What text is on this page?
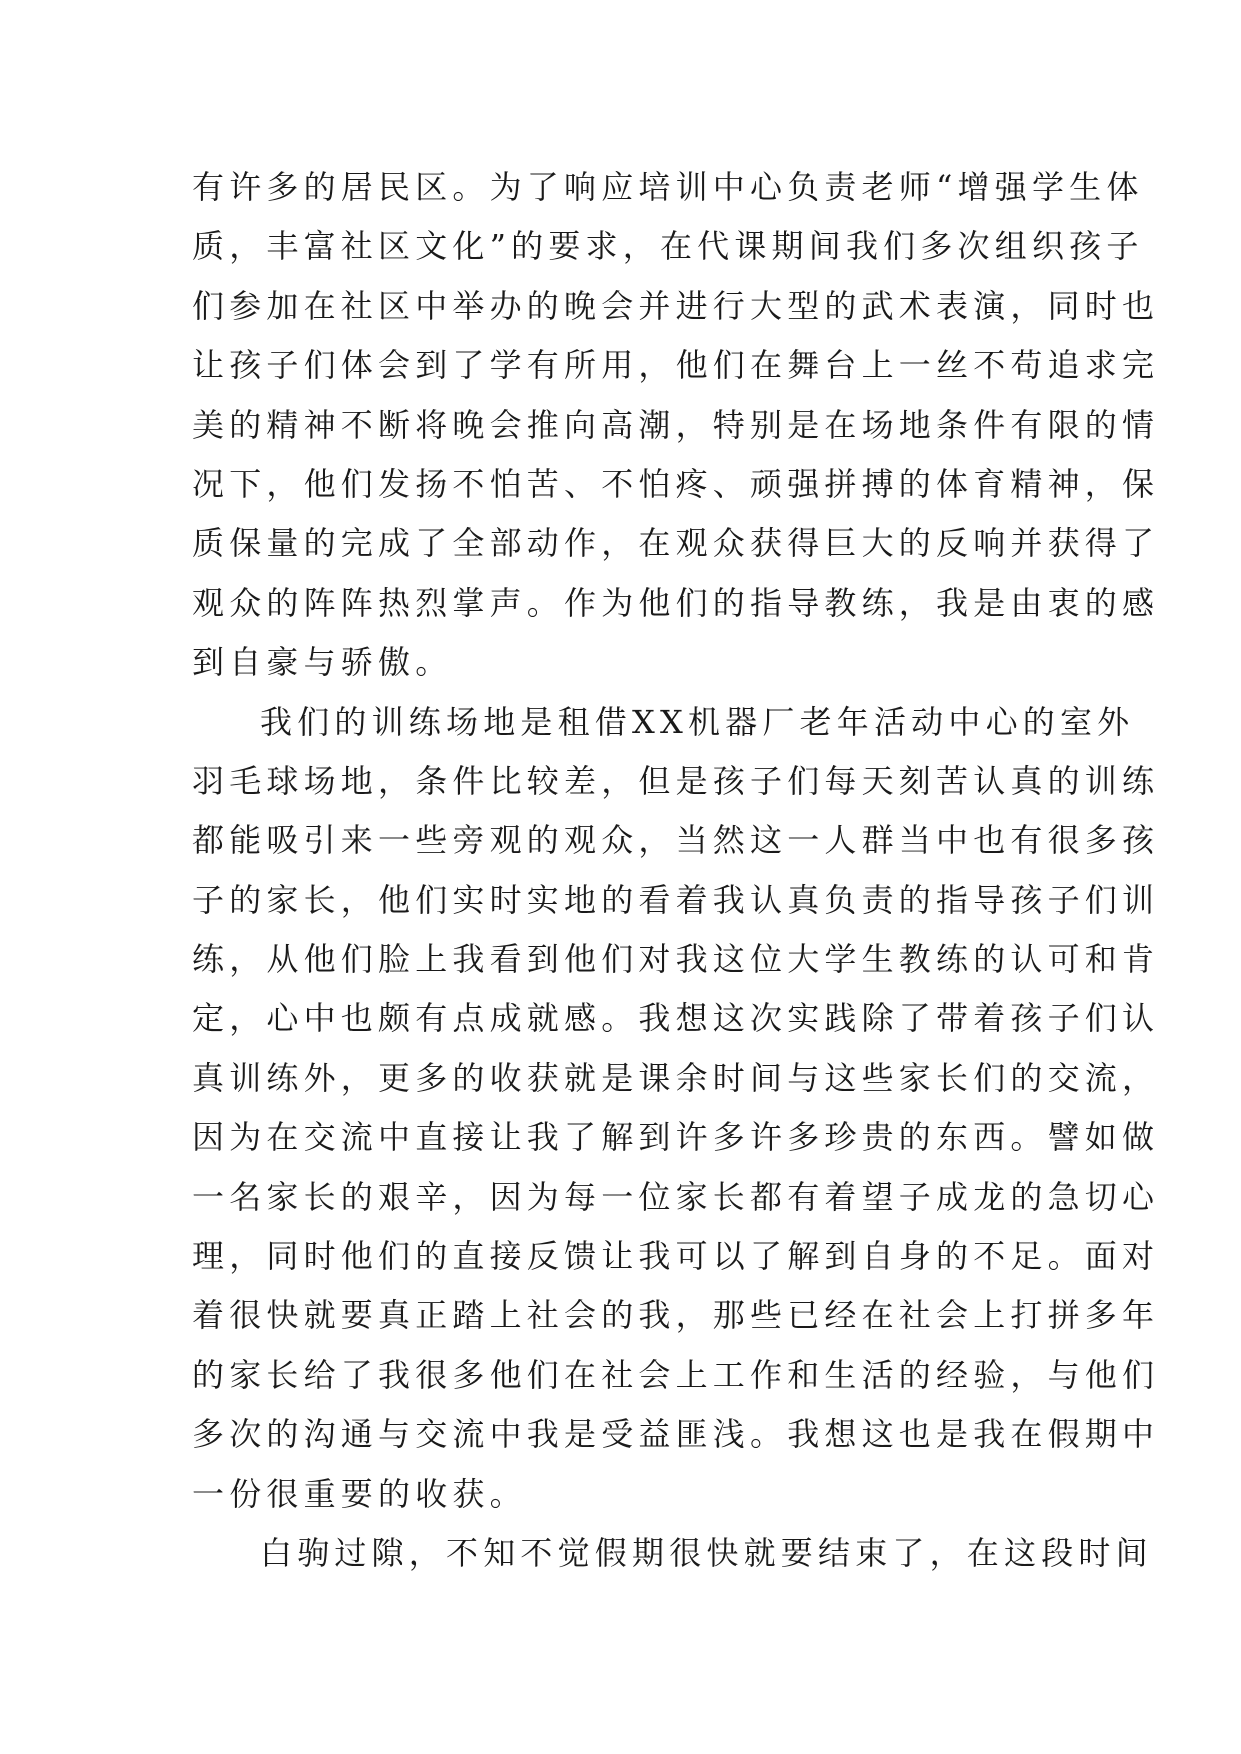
有许多的居民区。为了响应培训中心负责老师“增强学生体
质，丰富社区文化”的要求，在代课期间我们多次组织孩子
们参加在社区中举办的晚会并进行大型的武术表演，同时也
让孩子们体会到了学有所用，他们在舞台上一丝不苟追求完
美的精神不断将晚会推向高潮，特别是在场地条件有限的情
况下，他们发扬不怕苦、不怕疼、顽强拼搏的体育精神，保
质保量的完成了全部动作，在观众获得巨大的反响并获得了
观众的阵阵热烈掌声。作为他们的指导教练，我是由衷的感
到自豪与骄傲。
我们的训练场地是租借XX机器厂老年活动中心的室外
羽毛球场地，条件比较差，但是孩子们每天刻苦认真的训练
都能吸引来一些旁观的观众，当然这一人群当中也有很多孩
子的家长，他们实时实地的看着我认真负责的指导孩子们训
练，从他们脸上我看到他们对我这位大学生教练的认可和肯
定，心中也颇有点成就感。我想这次实践除了带着孩子们认
真训练外，更多的收获就是课余时间与这些家长们的交流，
因为在交流中直接让我了解到许多许多珍贵的东西。譬如做
一名家长的艰辛，因为每一位家长都有着望子成龙的急切心
理，同时他们的直接反馈让我可以了解到自身的不足。面对
着很快就要真正踏上社会的我，那些已经在社会上打拼多年
的家长给了我很多他们在社会上工作和生活的经验，与他们
多次的沟通与交流中我是受益匪浅。我想这也是我在假期中
一份很重要的收获。
白驹过隙，不知不觉假期很快就要结束了，在这段时间
